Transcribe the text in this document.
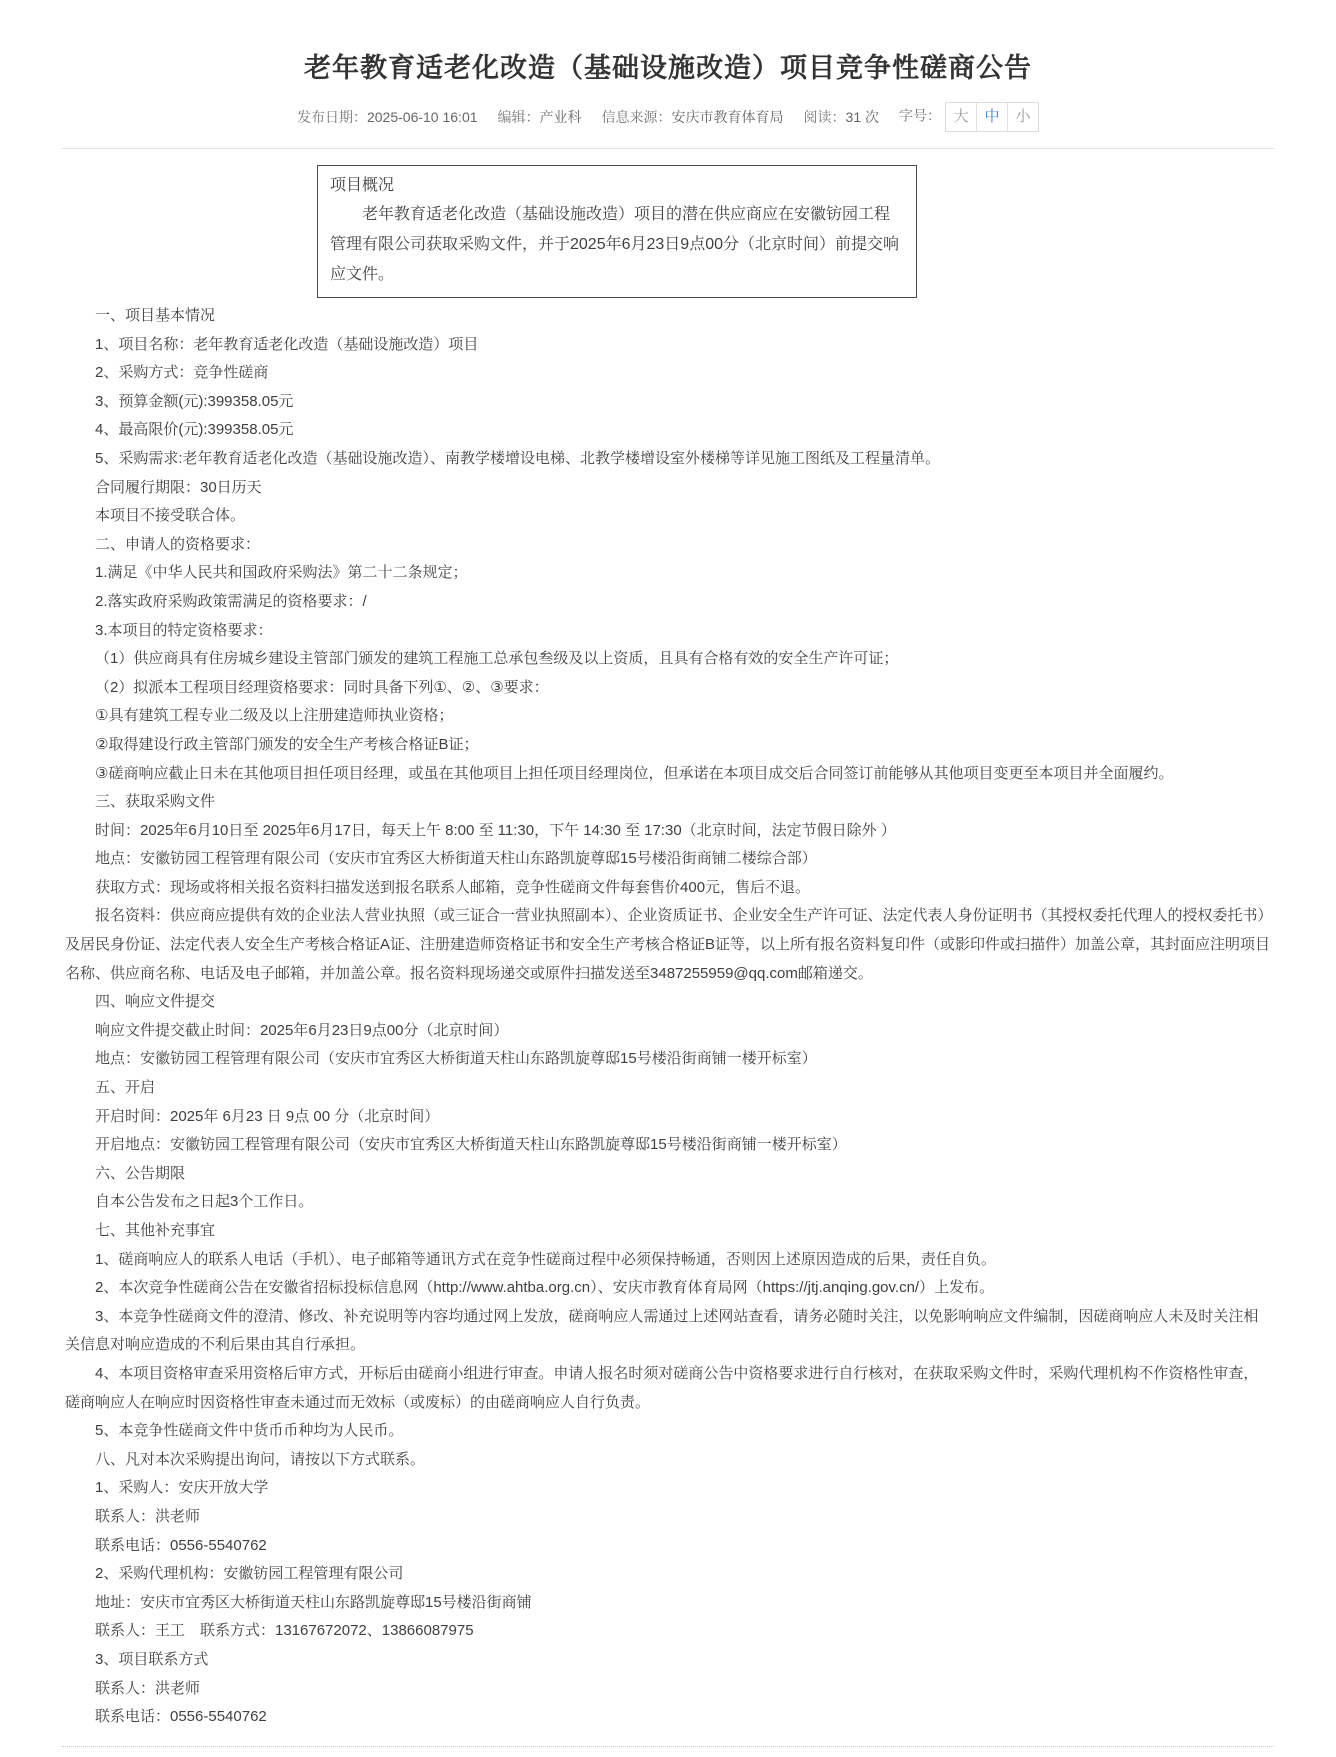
老年教育适老化改造（基础设施改造）项目竞争性磋商公告
发布日期：2025-06-10 16:01 编辑：产业科 信息来源：安庆市教育体育局 阅读：31 次 字号： 大	中	小

项目概况

老年教育适老化改造（基础设施改造）项目的潜在供应商应在安徽钫园工程管理有限公司获取采购文件，并于2025年6月23日9点00分（北京时间）前提交响应文件。

一、项目基本情况

1、项目名称：老年教育适老化改造（基础设施改造）项目

2、采购方式：竞争性磋商

3、预算金额(元):399358.05元

4、最高限价(元):399358.05元

5、采购需求:老年教育适老化改造（基础设施改造）、南教学楼增设电梯、北教学楼增设室外楼梯等详见施工图纸及工程量清单。

合同履行期限：30日历天

本项目不接受联合体。

二、申请人的资格要求：

1.满足《中华人民共和国政府采购法》第二十二条规定；

2.落实政府采购政策需满足的资格要求：/

3.本项目的特定资格要求：

（1）供应商具有住房城乡建设主管部门颁发的建筑工程施工总承包叁级及以上资质，且具有合格有效的安全生产许可证；

（2）拟派本工程项目经理资格要求：同时具备下列①、②、③要求：

①具有建筑工程专业二级及以上注册建造师执业资格；

②取得建设行政主管部门颁发的安全生产考核合格证B证；

③磋商响应截止日未在其他项目担任项目经理，或虽在其他项目上担任项目经理岗位，但承诺在本项目成交后合同签订前能够从其他项目变更至本项目并全面履约。

三、获取采购文件

时间：2025年6月10日至 2025年6月17日，每天上午 8:00 至 11:30，下午 14:30 至 17:30（北京时间，法定节假日除外 ）

地点：安徽钫园工程管理有限公司（安庆市宜秀区大桥街道天柱山东路凯旋尊邸15号楼沿街商铺二楼综合部）

获取方式：现场或将相关报名资料扫描发送到报名联系人邮箱，竞争性磋商文件每套售价400元，售后不退。

报名资料：供应商应提供有效的企业法人营业执照（或三证合一营业执照副本）、企业资质证书、企业安全生产许可证、法定代表人身份证明书（其授权委托代理人的授权委托书）及居民身份证、法定代表人安全生产考核合格证A证、注册建造师资格证书和安全生产考核合格证B证等，以上所有报名资料复印件（或影印件或扫描件）加盖公章，其封面应注明项目名称、供应商名称、电话及电子邮箱，并加盖公章。报名资料现场递交或原件扫描发送至3487255959@qq.com邮箱递交。

四、响应文件提交

响应文件提交截止时间：2025年6月23日9点00分（北京时间）

地点：安徽钫园工程管理有限公司（安庆市宜秀区大桥街道天柱山东路凯旋尊邸15号楼沿街商铺一楼开标室）

五、开启

开启时间：2025年 6月23 日 9点 00 分（北京时间）

开启地点：安徽钫园工程管理有限公司（安庆市宜秀区大桥街道天柱山东路凯旋尊邸15号楼沿街商铺一楼开标室）

六、公告期限

自本公告发布之日起3个工作日。

七、其他补充事宜

1、磋商响应人的联系人电话（手机）、电子邮箱等通讯方式在竞争性磋商过程中必须保持畅通，否则因上述原因造成的后果，责任自负。

2、本次竞争性磋商公告在安徽省招标投标信息网（http://www.ahtba.org.cn）、安庆市教育体育局网（https://jtj.anqing.gov.cn/）上发布。

3、本竞争性磋商文件的澄清、修改、补充说明等内容均通过网上发放，磋商响应人需通过上述网站查看，请务必随时关注，以免影响响应文件编制，因磋商响应人未及时关注相关信息对响应造成的不利后果由其自行承担。

4、本项目资格审查采用资格后审方式，开标后由磋商小组进行审查。申请人报名时须对磋商公告中资格要求进行自行核对，在获取采购文件时，采购代理机构不作资格性审查，磋商响应人在响应时因资格性审查未通过而无效标（或废标）的由磋商响应人自行负责。

5、本竞争性磋商文件中货币币种均为人民币。

八、凡对本次采购提出询问，请按以下方式联系。

1、采购人：安庆开放大学

联系人：洪老师

联系电话：0556-5540762

2、采购代理机构：安徽钫园工程管理有限公司

地址：安庆市宜秀区大桥街道天柱山东路凯旋尊邸15号楼沿街商铺

联系人：王工　联系方式：13167672072、13866087975

3、项目联系方式

联系人：洪老师

联系电话：0556-5540762
